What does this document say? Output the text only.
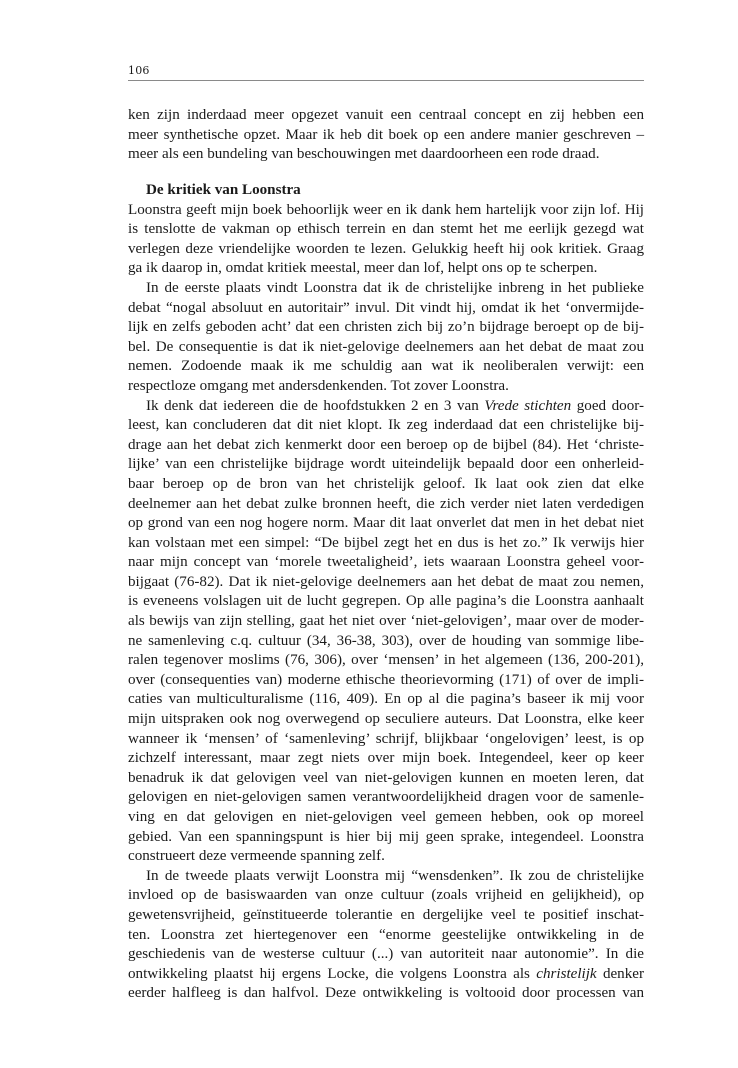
106
ken zijn inderdaad meer opgezet vanuit een centraal concept en zij hebben een
meer synthetische opzet. Maar ik heb dit boek op een andere manier geschreven –
meer als een bundeling van beschouwingen met daardoorheen een rode draad.
De kritiek van Loonstra
Loonstra geeft mijn boek behoorlijk weer en ik dank hem hartelijk voor zijn lof. Hij
is tenslotte de vakman op ethisch terrein en dan stemt het me eerlijk gezegd wat
verlegen deze vriendelijke woorden te lezen. Gelukkig heeft hij ook kritiek. Graag
ga ik daarop in, omdat kritiek meestal, meer dan lof, helpt ons op te scherpen.
In de eerste plaats vindt Loonstra dat ik de christelijke inbreng in het publieke
debat “nogal absoluut en autoritair” invul. Dit vindt hij, omdat ik het ‘onvermijde-
lijk en zelfs geboden acht’ dat een christen zich bij zo’n bijdrage beroept op de bij-
bel. De consequentie is dat ik niet-gelovige deelnemers aan het debat de maat zou
nemen. Zodoende maak ik me schuldig aan wat ik neoliberalen verwijt: een
respectloze omgang met andersdenkenden. Tot zover Loonstra.
Ik denk dat iedereen die de hoofdstukken 2 en 3 van Vrede stichten goed door-
leest, kan concluderen dat dit niet klopt. Ik zeg inderdaad dat een christelijke bij-
drage aan het debat zich kenmerkt door een beroep op de bijbel (84). Het ‘christe-
lijke’ van een christelijke bijdrage wordt uiteindelijk bepaald door een onherleid-
baar beroep op de bron van het christelijk geloof. Ik laat ook zien dat elke
deelnemer aan het debat zulke bronnen heeft, die zich verder niet laten verdedigen
op grond van een nog hogere norm. Maar dit laat onverlet dat men in het debat niet
kan volstaan met een simpel: “De bijbel zegt het en dus is het zo.” Ik verwijs hier
naar mijn concept van ‘morele tweetaligheid’, iets waaraan Loonstra geheel voor-
bijgaat (76-82). Dat ik niet-gelovige deelnemers aan het debat de maat zou nemen,
is eveneens volslagen uit de lucht gegrepen. Op alle pagina’s die Loonstra aanhaalt
als bewijs van zijn stelling, gaat het niet over ‘niet-gelovigen’, maar over de moder-
ne samenleving c.q. cultuur (34, 36-38, 303), over de houding van sommige libe-
ralen tegenover moslims (76, 306), over ‘mensen’ in het algemeen (136, 200-201),
over (consequenties van) moderne ethische theorievorming (171) of over de impli-
caties van multiculturalisme (116, 409). En op al die pagina’s baseer ik mij voor
mijn uitspraken ook nog overwegend op seculiere auteurs. Dat Loonstra, elke keer
wanneer ik ‘mensen’ of ‘samenleving’ schrijf, blijkbaar ‘ongelovigen’ leest, is op
zichzelf interessant, maar zegt niets over mijn boek. Integendeel, keer op keer
benadruk ik dat gelovigen veel van niet-gelovigen kunnen en moeten leren, dat
gelovigen en niet-gelovigen samen verantwoordelijkheid dragen voor de samenle-
ving en dat gelovigen en niet-gelovigen veel gemeen hebben, ook op moreel
gebied. Van een spanningspunt is hier bij mij geen sprake, integendeel. Loonstra
construeert deze vermeende spanning zelf.
In de tweede plaats verwijt Loonstra mij “wensdenken”. Ik zou de christelijke
invloed op de basiswaarden van onze cultuur (zoals vrijheid en gelijkheid), op
gewetensvrijheid, geïnstitueerde tolerantie en dergelijke veel te positief inschat-
ten. Loonstra zet hiertegenover een “enorme geestelijke ontwikkeling in de
geschiedenis van de westerse cultuur (...) van autoriteit naar autonomie”. In die
ontwikkeling plaatst hij ergens Locke, die volgens Loonstra als christelijk denker
eerder halfleeg is dan halfvol. Deze ontwikkeling is voltooid door processen van
